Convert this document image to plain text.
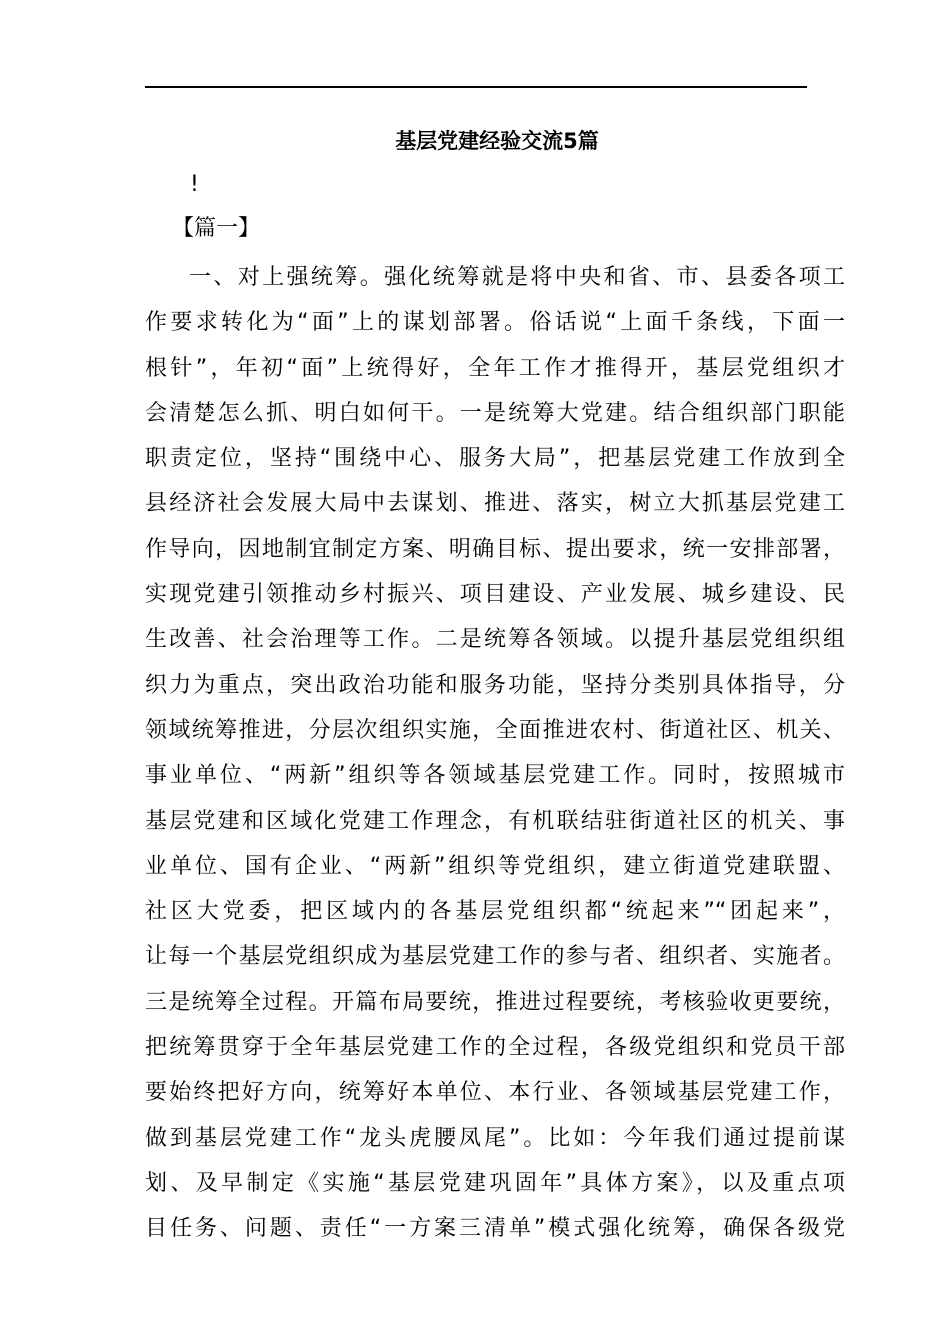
基层党建经验交流5篇
!
【篇一】
一、对上强统筹。强化统筹就是将中央和省、市、县委各项工
作要求转化为“面”上的谋划部署。俗话说“上面千条线，下面一
根针”，年初“面”上统得好，全年工作才推得开，基层党组织才
会清楚怎么抓、明白如何干。一是统筹大党建。结合组织部门职能
职责定位，坚持“围绕中心、服务大局”，把基层党建工作放到全
县经济社会发展大局中去谋划、推进、落实，树立大抓基层党建工
作导向，因地制宜制定方案、明确目标、提出要求，统一安排部署，
实现党建引领推动乡村振兴、项目建设、产业发展、城乡建设、民
生改善、社会治理等工作。二是统筹各领域。以提升基层党组织组
织力为重点，突出政治功能和服务功能，坚持分类别具体指导，分
领域统筹推进，分层次组织实施，全面推进农村、街道社区、机关、
事业单位、“两新”组织等各领域基层党建工作。同时，按照城市
基层党建和区域化党建工作理念，有机联结驻街道社区的机关、事
业单位、国有企业、“两新”组织等党组织，建立街道党建联盟、
社区大党委，把区域内的各基层党组织都“统起来”“团起来”，
让每一个基层党组织成为基层党建工作的参与者、组织者、实施者。
三是统筹全过程。开篇布局要统，推进过程要统，考核验收更要统，
把统筹贯穿于全年基层党建工作的全过程，各级党组织和党员干部
要始终把好方向，统筹好本单位、本行业、各领域基层党建工作，
做到基层党建工作“龙头虎腰凤尾”。比如：今年我们通过提前谋
划、及早制定《实施“基层党建巩固年”具体方案》，以及重点项
目任务、问题、责任“一方案三清单”模式强化统筹，确保各级党
